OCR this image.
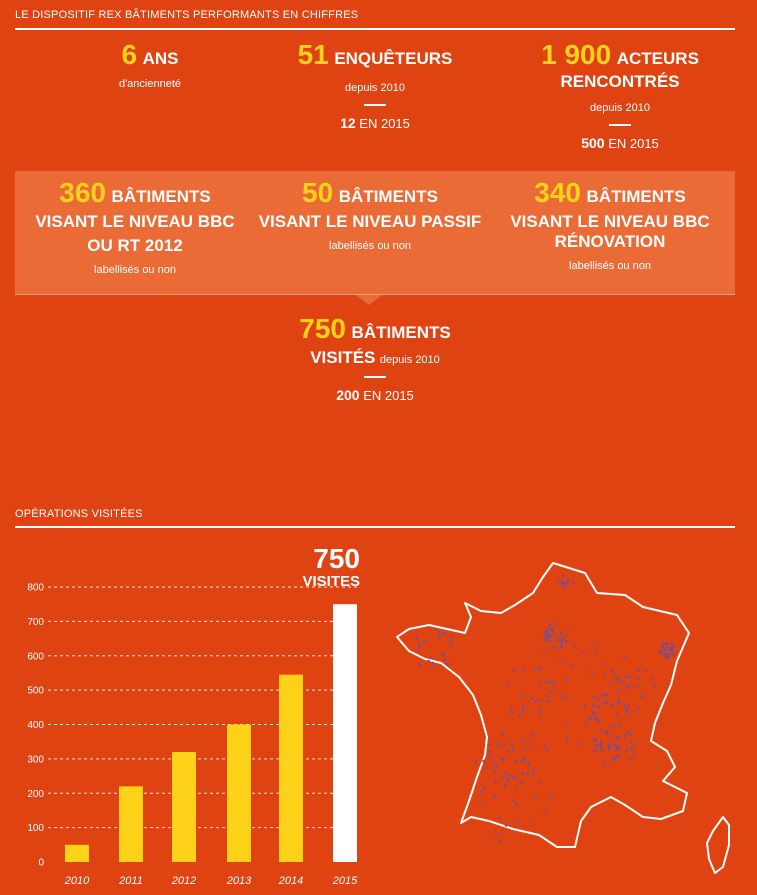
LE DISPOSITIF REX BÂTIMENTS PERFORMANTS EN CHIFFRES
6 ANS
d'ancienneté
51 ENQUÊTEURS
depuis 2010
12 EN 2015
1 900 ACTEURS
RENCONTRÉS
depuis 2010
500 EN 2015
360 BÂTIMENTS
VISANT LE NIVEAU BBC
OU RT 2012
labellisés ou non
50 BÂTIMENTS
VISANT LE NIVEAU PASSIF
labellisés ou non
340 BÂTIMENTS
VISANT LE NIVEAU BBC
RÉNOVATION
labellisés ou non
750 BÂTIMENTS
VISITÉS depuis 2010
200 EN 2015
OPÉRATIONS VISITÉES
0
100
200
300
400
500
600
700
800
2010	2011	2012	2013	2014	2015
750
VISITES
